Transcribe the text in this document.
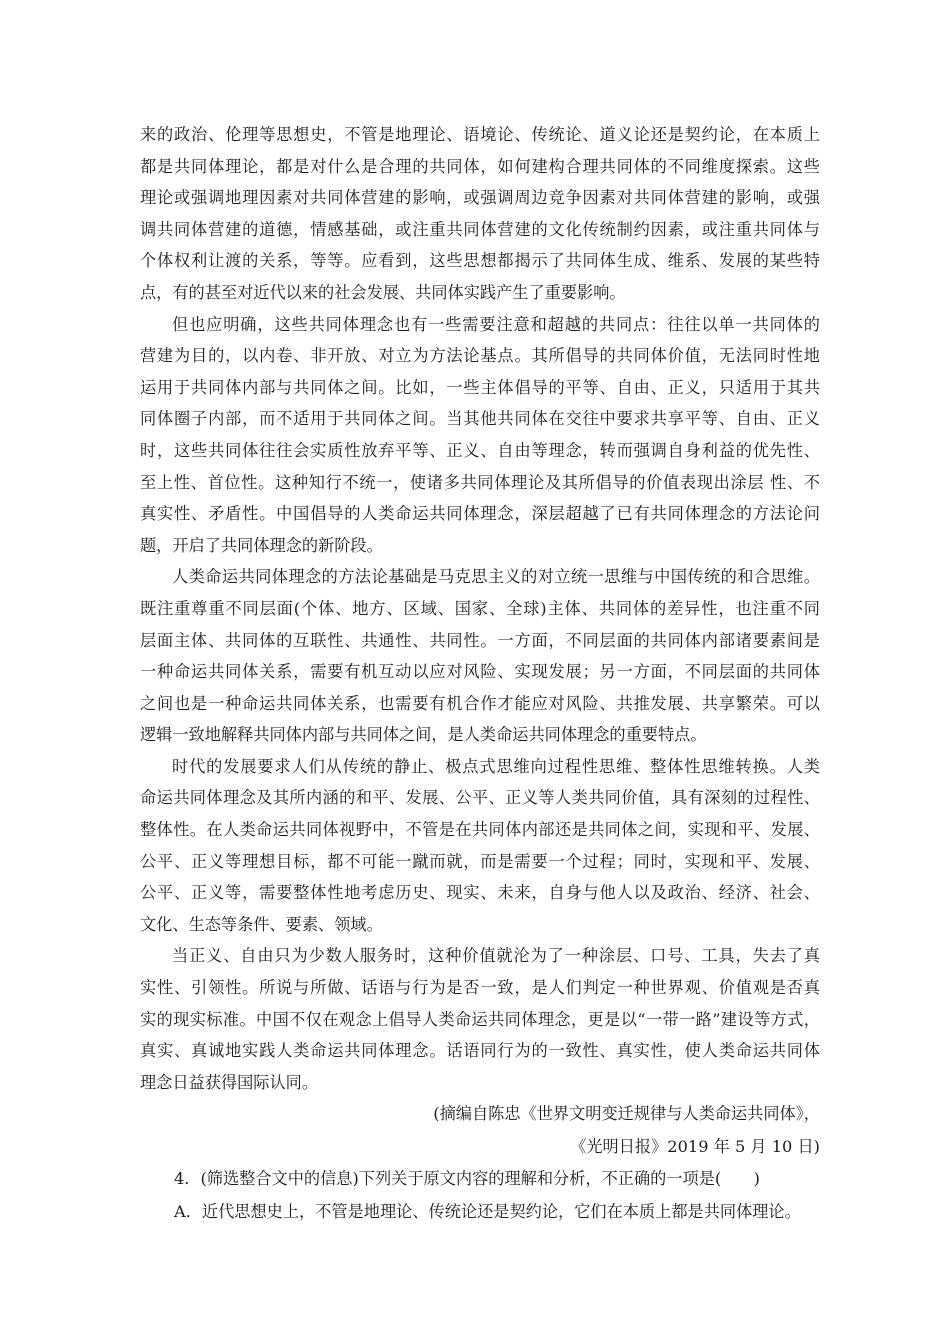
来的政治、伦理等思想史，不管是地理论、语境论、传统论、道义论还是契约论，在本质上
都是共同体理论，都是对什么是合理的共同体，如何建构合理共同体的不同维度探索。这些
理论或强调地理因素对共同体营建的影响，或强调周边竞争因素对共同体营建的影响，或强
调共同体营建的道德，情感基础，或注重共同体营建的文化传统制约因素，或注重共同体与
个体权利让渡的关系，等等。应看到，这些思想都揭示了共同体生成、维系、发展的某些特
点，有的甚至对近代以来的社会发展、共同体实践产生了重要影响。
但也应明确，这些共同体理念也有一些需要注意和超越的共同点：往往以单一共同体的
营建为目的，以内卷、非开放、对立为方法论基点。其所倡导的共同体价值，无法同时性地
运用于共同体内部与共同体之间。比如，一些主体倡导的平等、自由、正义，只适用于其共
同体圈子内部，而不适用于共同体之间。当其他共同体在交往中要求共享平等、自由、正义
时，这些共同体往往会实质性放弃平等、正义、自由等理念，转而强调自身利益的优先性、
至上性、首位性。这种知行不统一，使诸多共同体理论及其所倡导的价值表现出涂层 性、不
真实性、矛盾性。中国倡导的人类命运共同体理念，深层超越了已有共同体理念的方法论问
题，开启了共同体理念的新阶段。
人类命运共同体理念的方法论基础是马克思主义的对立统一思维与中国传统的和合思维。
既注重尊重不同层面(个体、地方、区域、国家、全球)主体、共同体的差异性，也注重不同
层面主体、共同体的互联性、共通性、共同性。一方面，不同层面的共同体内部诸要素间是
一种命运共同体关系，需要有机互动以应对风险、实现发展；另一方面，不同层面的共同体
之间也是一种命运共同体关系，也需要有机合作才能应对风险、共推发展、共享繁荣。可以
逻辑一致地解释共同体内部与共同体之间，是人类命运共同体理念的重要特点。
时代的发展要求人们从传统的静止、极点式思维向过程性思维、整体性思维转换。人类
命运共同体理念及其所内涵的和平、发展、公平、正义等人类共同价值，具有深刻的过程性、
整体性。在人类命运共同体视野中，不管是在共同体内部还是共同体之间，实现和平、发展、
公平、正义等理想目标，都不可能一蹴而就，而是需要一个过程；同时，实现和平、发展、
公平、正义等，需要整体性地考虑历史、现实、未来，自身与他人以及政治、经济、社会、
文化、生态等条件、要素、领域。
当正义、自由只为少数人服务时，这种价值就沦为了一种涂层、口号、工具，失去了真
实性、引领性。所说与所做、话语与行为是否一致，是人们判定一种世界观、价值观是否真
实的现实标准。中国不仅在观念上倡导人类命运共同体理念，更是以“一带一路”建设等方式，
真实、真诚地实践人类命运共同体理念。话语同行为的一致性、真实性，使人类命运共同体
理念日益获得国际认同。
(摘编自陈忠《世界文明变迁规律与人类命运共同体》，
《光明日报》2019 年 5 月 10 日)
4．(筛选整合文中的信息)下列关于原文内容的理解和分析，不正确的一项是(　　)
A．近代思想史上，不管是地理论、传统论还是契约论，它们在本质上都是共同体理论。
